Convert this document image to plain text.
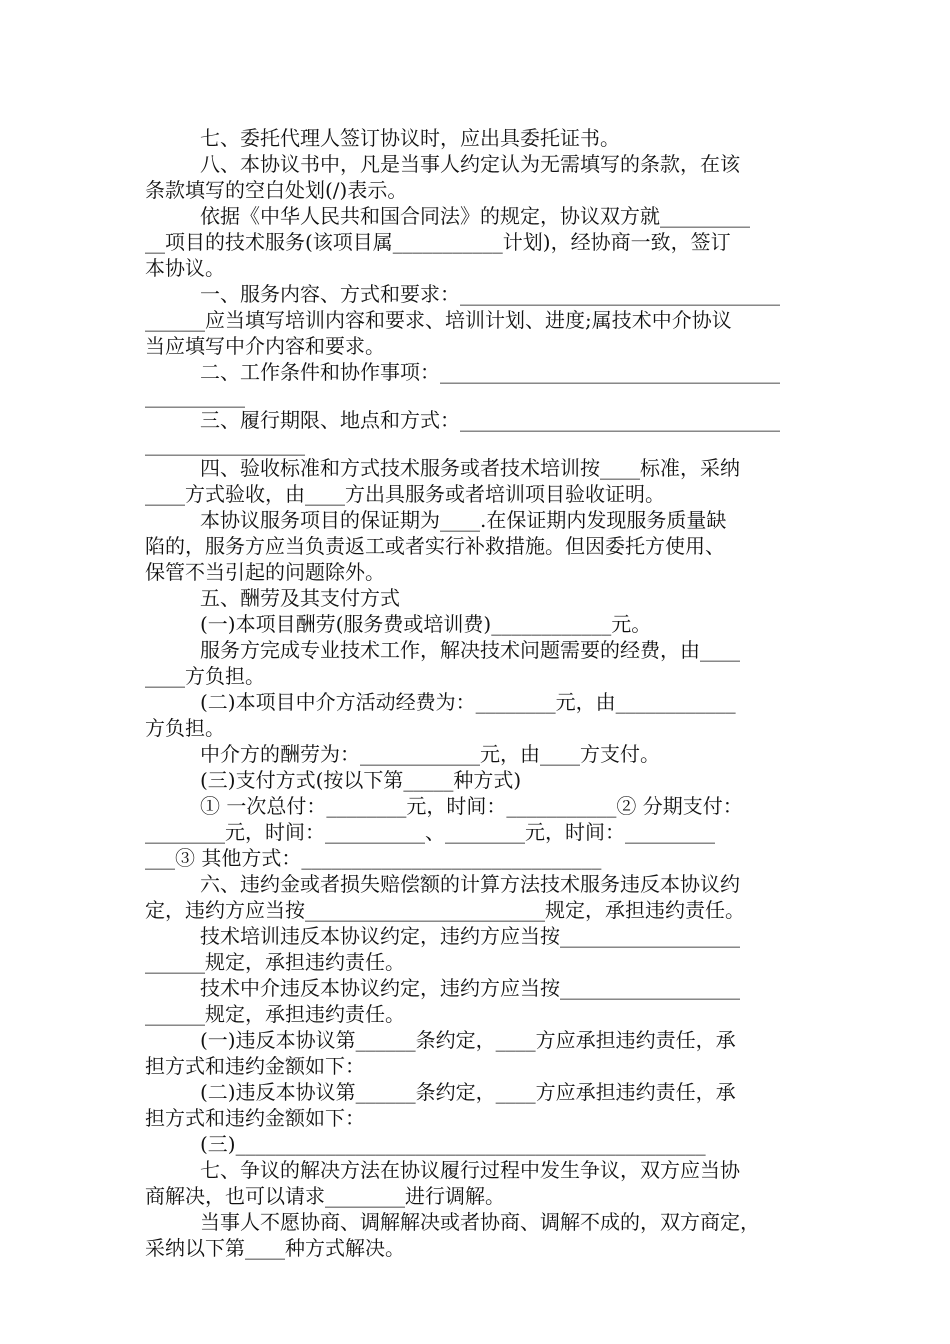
七、委托代理人签订协议时，应出具委托证书。
八、本协议书中，凡是当事人约定认为无需填写的条款，在该
条款填写的空白处划(/)表示。
依据《中华人民共和国合同法》的规定，协议双方就_________
__项目的技术服务(该项目属___________计划)，经协商一致，签订
本协议。
一、服务内容、方式和要求：________________________________
______应当填写培训内容和要求、培训计划、进度;属技术中介协议
当应填写中介内容和要求。
二、工作条件和协作事项：__________________________________
__________
三、履行期限、地点和方式：________________________________
________________
四、验收标准和方式技术服务或者技术培训按____标准，采纳
____方式验收，由____方出具服务或者培训项目验收证明。
本协议服务项目的保证期为____.在保证期内发现服务质量缺
陷的，服务方应当负责返工或者实行补救措施。但因委托方使用、
保管不当引起的问题除外。
五、酬劳及其支付方式
(一)本项目酬劳(服务费或培训费)____________元。
服务方完成专业技术工作，解决技术问题需要的经费，由____
____方负担。
(二)本项目中介方活动经费为：________元，由____________
方负担。
中介方的酬劳为：____________元，由____方支付。
(三)支付方式(按以下第_____种方式)
① 一次总付：________元，时间：___________② 分期支付：
________元，时间：__________、________元，时间：_________
___③ 其他方式：______________________________
六、违约金或者损失赔偿额的计算方法技术服务违反本协议约
定，违约方应当按________________________规定，承担违约责任。
技术培训违反本协议约定，违约方应当按__________________
______规定，承担违约责任。
技术中介违反本协议约定，违约方应当按__________________
______规定，承担违约责任。
(一)违反本协议第______条约定，____方应承担违约责任，承
担方式和违约金额如下：
(二)违反本协议第______条约定，____方应承担违约责任，承
担方式和违约金额如下：
(三)_______________________________________________
七、争议的解决方法在协议履行过程中发生争议，双方应当协
商解决，也可以请求________进行调解。
当事人不愿协商、调解解决或者协商、调解不成的，双方商定，
采纳以下第____种方式解决。
